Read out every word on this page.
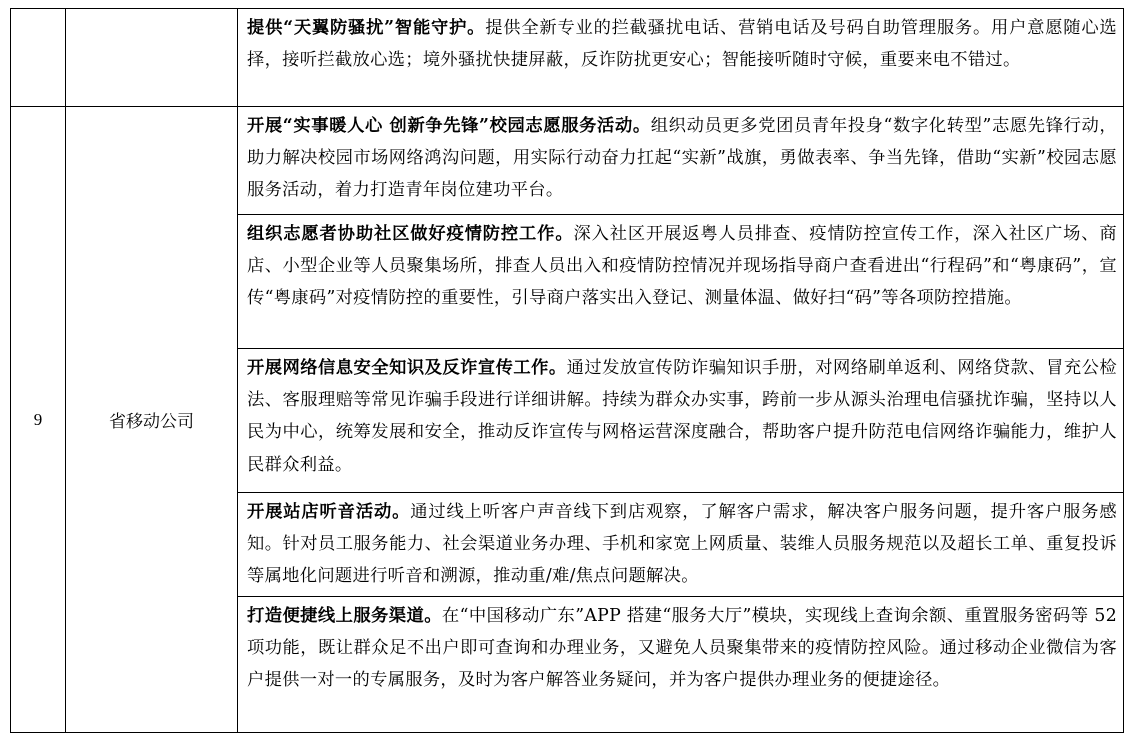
		提供“天翼防骚扰”智能守护。提供全新专业的拦截骚扰电话、营销电话及号码自助管理服务。用户意愿随心选择，接听拦截放心选；境外骚扰快捷屏蔽，反诈防扰更安心；智能接听随时守候，重要来电不错过。

9	省移动公司	开展“实事暖人心 创新争先锋”校园志愿服务活动。组织动员更多党团员青年投身“数字化转型”志愿先锋行动，助力解决校园市场网络鸿沟问题，用实际行动奋力扛起“实新”战旗，勇做表率、争当先锋，借助“实新”校园志愿服务活动，着力打造青年岗位建功平台。

		组织志愿者协助社区做好疫情防控工作。深入社区开展返粤人员排查、疫情防控宣传工作，深入社区广场、商店、小型企业等人员聚集场所，排查人员出入和疫情防控情况并现场指导商户查看进出“行程码”和“粤康码”，宣传“粤康码”对疫情防控的重要性，引导商户落实出入登记、测量体温、做好扫“码”等各项防控措施。

		开展网络信息安全知识及反诈宣传工作。通过发放宣传防诈骗知识手册，对网络刷单返利、网络贷款、冒充公检法、客服理赔等常见诈骗手段进行详细讲解。持续为群众办实事，跨前一步从源头治理电信骚扰诈骗，坚持以人民为中心，统筹发展和安全，推动反诈宣传与网格运营深度融合，帮助客户提升防范电信网络诈骗能力，维护人民群众利益。

		开展站店听音活动。通过线上听客户声音线下到店观察，了解客户需求，解决客户服务问题，提升客户服务感知。针对员工服务能力、社会渠道业务办理、手机和家宽上网质量、装维人员服务规范以及超长工单、重复投诉等属地化问题进行听音和溯源，推动重/难/焦点问题解决。

		打造便捷线上服务渠道。在“中国移动广东”APP 搭建“服务大厅”模块，实现线上查询余额、重置服务密码等 52 项功能，既让群众足不出户即可查询和办理业务，又避免人员聚集带来的疫情防控风险。通过移动企业微信为客户提供一对一的专属服务，及时为客户解答业务疑问，并为客户提供办理业务的便捷途径。
